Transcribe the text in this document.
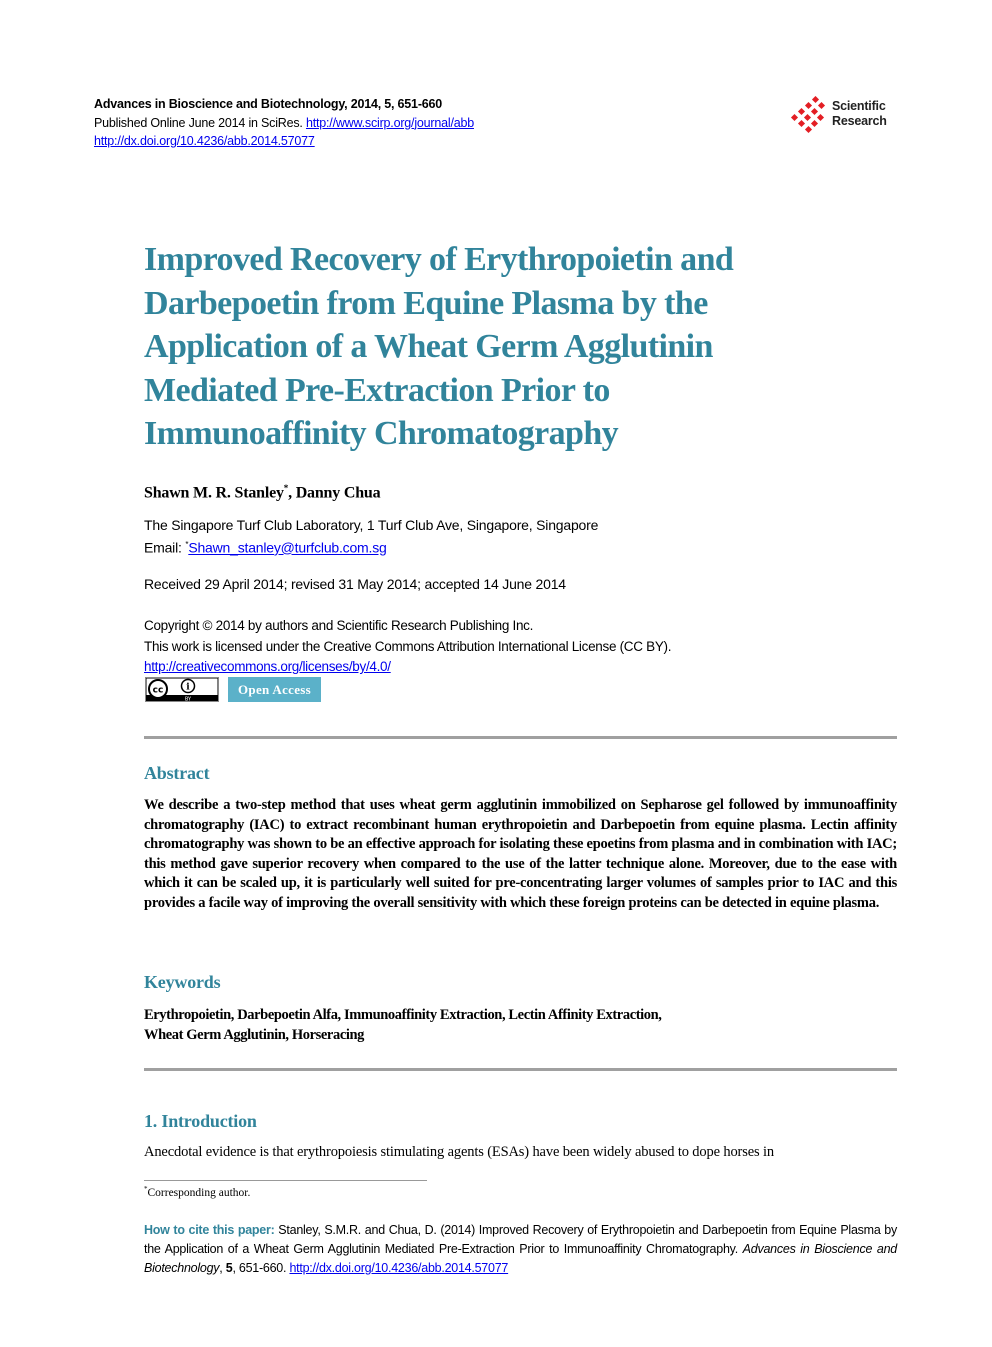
Advances in Bioscience and Biotechnology, 2014, 5, 651-660
Published Online June 2014 in SciRes. http://www.scirp.org/journal/abb
http://dx.doi.org/10.4236/abb.2014.57077
Scientific
Research
Improved Recovery of Erythropoietin and
Darbepoetin from Equine Plasma by the
Application of a Wheat Germ Agglutinin
Mediated Pre-Extraction Prior to
Immunoaffinity Chromatography
Shawn M. R. Stanley*, Danny Chua
The Singapore Turf Club Laboratory, 1 Turf Club Ave, Singapore, Singapore
Email: *Shawn_stanley@turfclub.com.sg
Received 29 April 2014; revised 31 May 2014; accepted 14 June 2014
Copyright © 2014 by authors and Scientific Research Publishing Inc.
This work is licensed under the Creative Commons Attribution International License (CC BY).
http://creativecommons.org/licenses/by/4.0/
cc	i
BY
Open Access
Abstract
We describe a two-step method that uses wheat germ agglutinin immobilized on Sepharose gel followed by immunoaffinity chromatography (IAC) to extract recombinant human erythropoietin and Darbepoetin from equine plasma. Lectin affinity chromatography was shown to be an effective approach for isolating these epoetins from plasma and in combination with IAC; this method gave superior recovery when compared to the use of the latter technique alone. Moreover, due to the ease with which it can be scaled up, it is particularly well suited for pre-concentrating larger volumes of samples prior to IAC and this provides a facile way of improving the overall sensitivity with which these foreign proteins can be detected in equine plasma.
Keywords
Erythropoietin, Darbepoetin Alfa, Immunoaffinity Extraction, Lectin Affinity Extraction,
Wheat Germ Agglutinin, Horseracing
1. Introduction
Anecdotal evidence is that erythropoiesis stimulating agents (ESAs) have been widely abused to dope horses in
*Corresponding author.
How to cite this paper: Stanley, S.M.R. and Chua, D. (2014) Improved Recovery of Erythropoietin and Darbepoetin from Equine Plasma by the Application of a Wheat Germ Agglutinin Mediated Pre-Extraction Prior to Immunoaffinity Chromatography. Advances in Bioscience and Biotechnology, 5, 651-660. http://dx.doi.org/10.4236/abb.2014.57077
